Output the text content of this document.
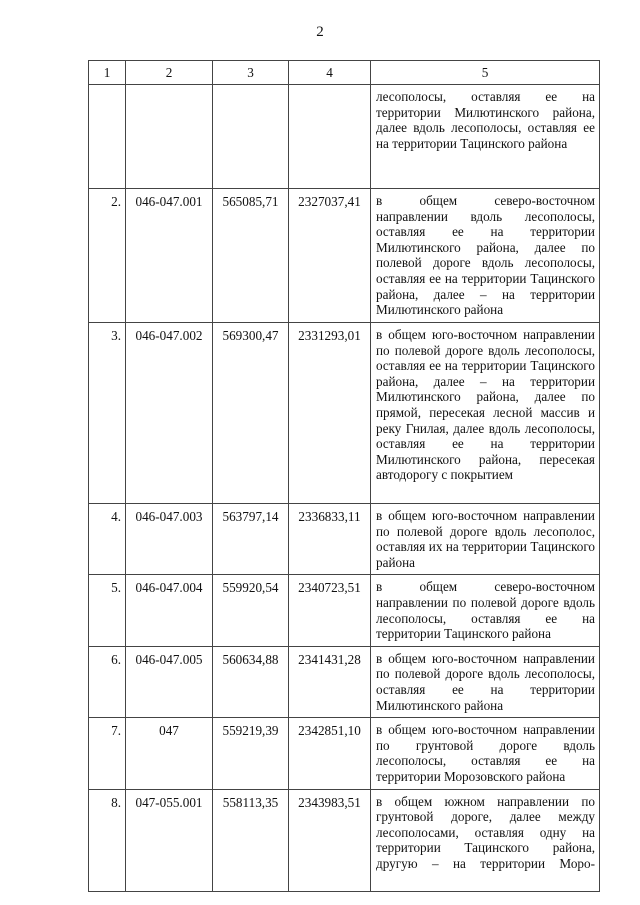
2
1	2	3	4	5

				лесополосы, оставляя ее на территории Милютинского района, далее вдоль лесополосы, оставляя ее на территории Тацинского района

2.	046-047.001	565085,71	2327037,41	в общем северо-восточном направлении вдоль лесополосы, оставляя ее на территории Милютинского района, далее по полевой дороге вдоль лесополосы, оставляя ее на территории Тацинского района, далее – на территории Милютинского района

3.	046-047.002	569300,47	2331293,01	в общем юго-восточном направлении по полевой дороге вдоль лесополосы, оставляя ее на территории Тацинского района, далее – на территории Милютинского района, далее по прямой, пересекая лесной массив и реку Гнилая, далее вдоль лесополосы, оставляя ее на территории Милютинского района, пересекая автодорогу с покрытием

4.	046-047.003	563797,14	2336833,11	в общем юго-восточном направлении по полевой дороге вдоль лесополос, оставляя их на территории Тацинского района

5.	046-047.004	559920,54	2340723,51	в общем северо-восточном направлении по полевой дороге вдоль лесополосы, оставляя ее на территории Тацинского района

6.	046-047.005	560634,88	2341431,28	в общем юго-восточном направлении по полевой дороге вдоль лесополосы, оставляя ее на территории Милютинского района

7.	047	559219,39	2342851,10	в общем юго-восточном направлении по грунтовой дороге вдоль лесополосы, оставляя ее на территории Морозовского района

8.	047-055.001	558113,35	2343983,51	в общем южном направлении по грунтовой дороге, далее между лесополосами, оставляя одну на территории Тацинского района, другую – на территории Моро-
